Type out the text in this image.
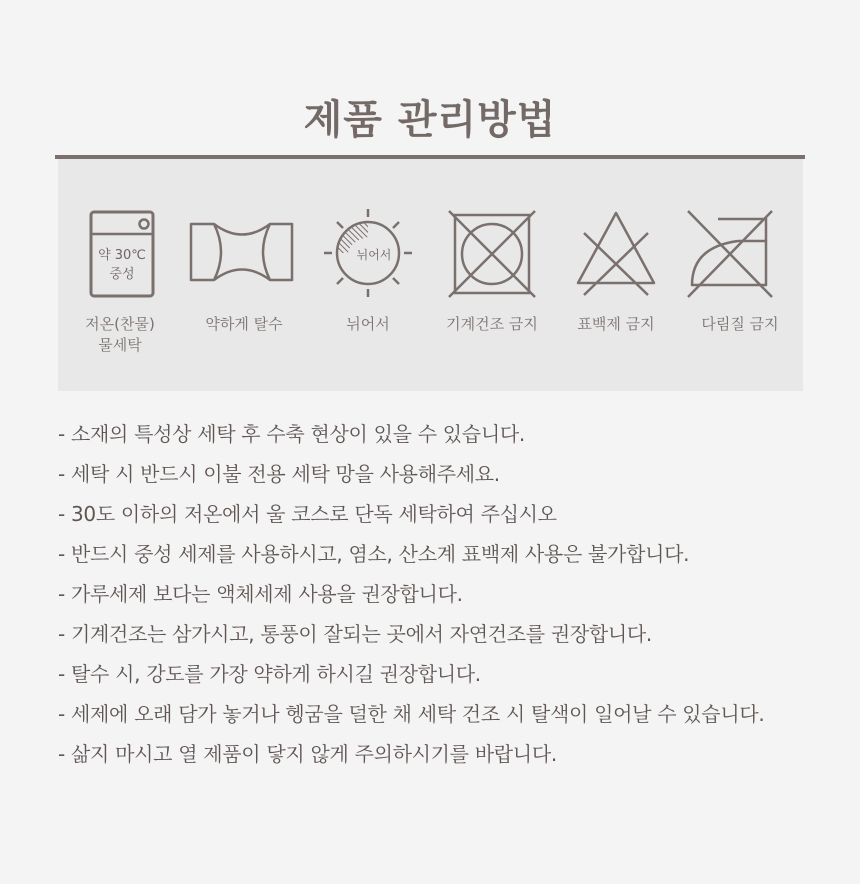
제품 관리방법
약 30℃
중성
저온(찬물)
물세탁
약하게 탈수
뉘어서
뉘어서	기계건조 금지	표백제 금지	다림질 금지
- 소재의 특성상 세탁 후 수축 현상이 있을 수 있습니다.
- 세탁 시 반드시 이불 전용 세탁 망을 사용해주세요.
- 30도 이하의 저온에서 울 코스로 단독 세탁하여 주십시오
- 반드시 중성 세제를 사용하시고, 염소, 산소계 표백제 사용은 불가합니다.
- 가루세제 보다는 액체세제 사용을 권장합니다.
- 기계건조는 삼가시고, 통풍이 잘되는 곳에서 자연건조를 권장합니다.
- 탈수 시, 강도를 가장 약하게 하시길 권장합니다.
- 세제에 오래 담가 놓거나 헹굼을 덜한 채 세탁 건조 시 탈색이 일어날 수 있습니다.
- 삶지 마시고 열 제품이 닿지 않게 주의하시기를 바랍니다.
